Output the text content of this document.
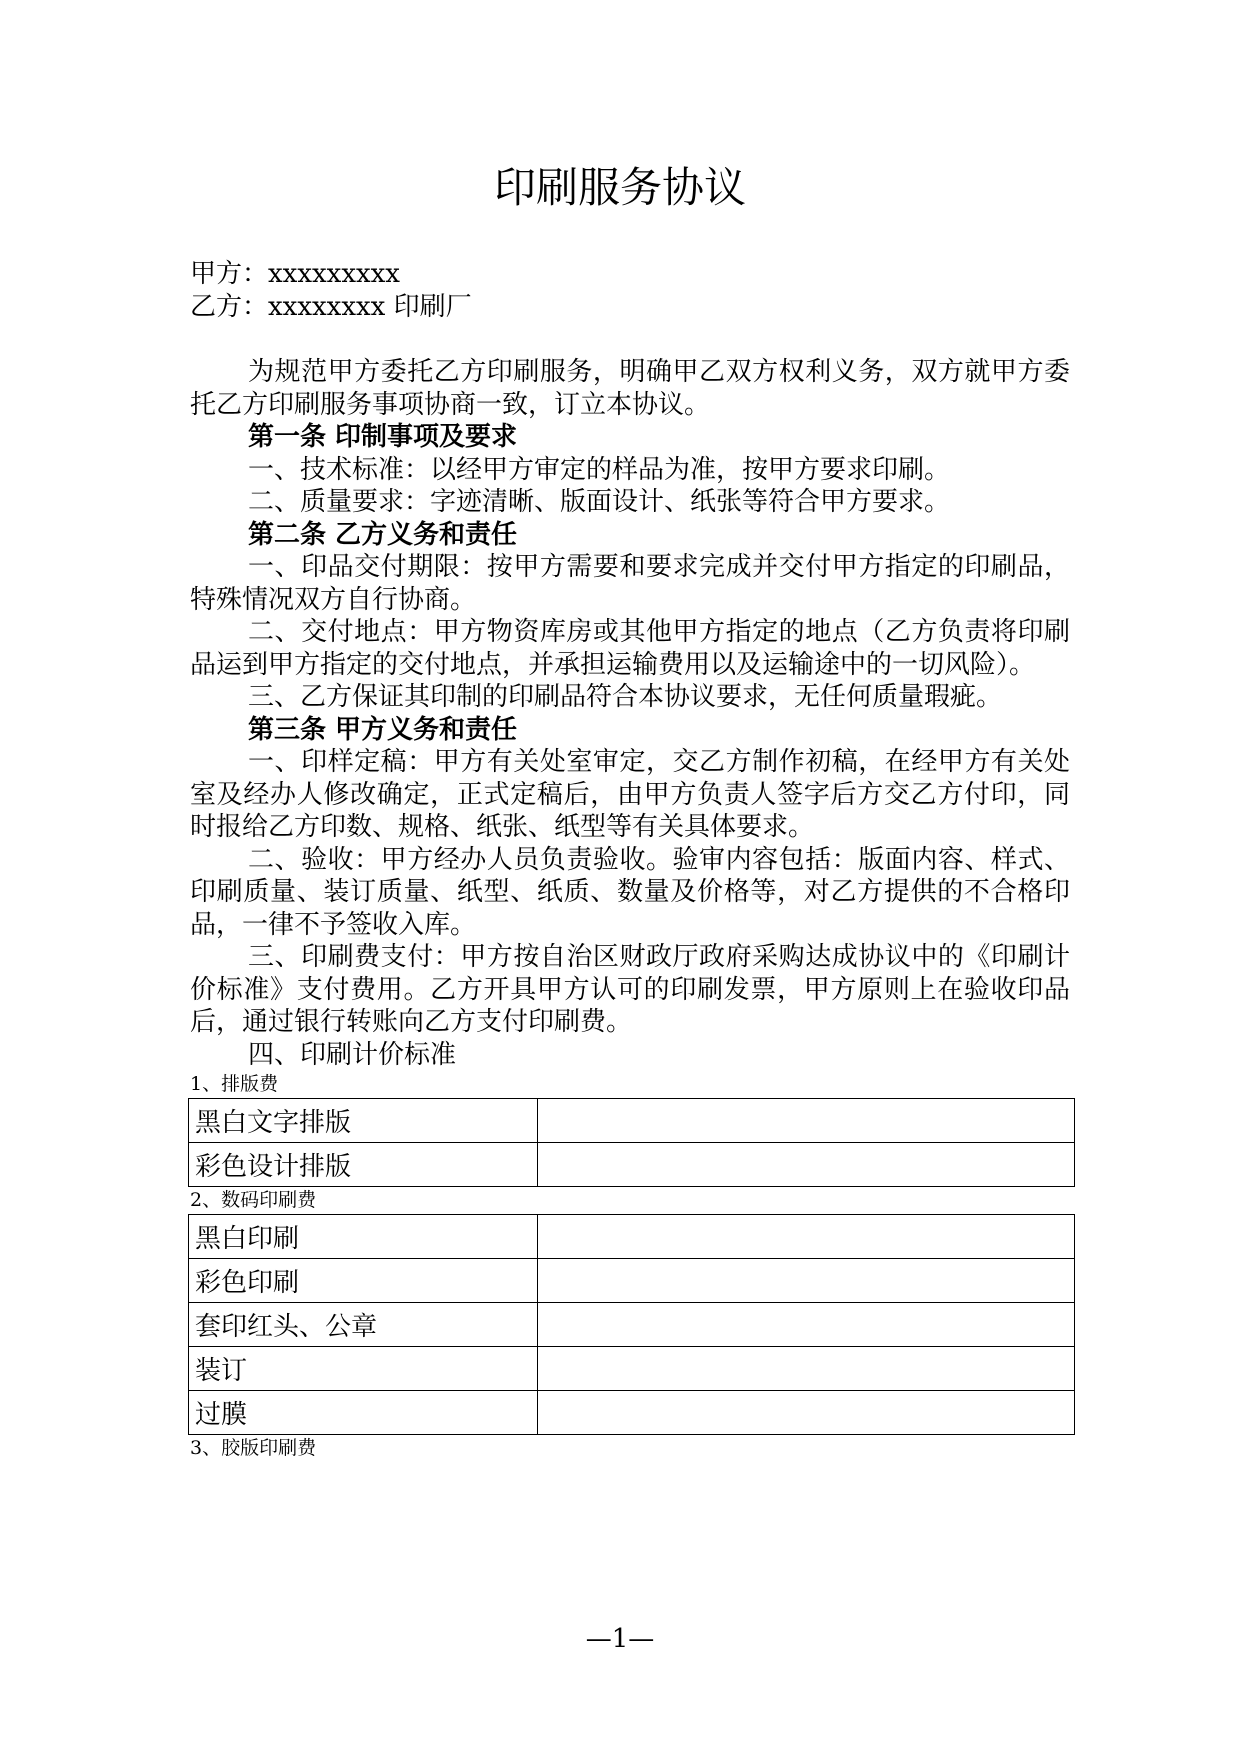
印刷服务协议

甲方：xxxxxxxxx

乙方：xxxxxxxx 印刷厂

为规范甲方委托乙方印刷服务，明确甲乙双方权利义务，双方就甲方委托乙方印刷服务事项协商一致，订立本协议。

第一条 印制事项及要求

一、技术标准：以经甲方审定的样品为准，按甲方要求印刷。

二、质量要求：字迹清晰、版面设计、纸张等符合甲方要求。

第二条 乙方义务和责任

一、印品交付期限：按甲方需要和要求完成并交付甲方指定的印刷品，特殊情况双方自行协商。

二、交付地点：甲方物资库房或其他甲方指定的地点（乙方负责将印刷品运到甲方指定的交付地点，并承担运输费用以及运输途中的一切风险）。

三、乙方保证其印制的印刷品符合本协议要求，无任何质量瑕疵。

第三条 甲方义务和责任

一、印样定稿：甲方有关处室审定，交乙方制作初稿，在经甲方有关处室及经办人修改确定，正式定稿后，由甲方负责人签字后方交乙方付印，同时报给乙方印数、规格、纸张、纸型等有关具体要求。

二、验收：甲方经办人员负责验收。验审内容包括：版面内容、样式、印刷质量、装订质量、纸型、纸质、数量及价格等，对乙方提供的不合格印品，一律不予签收入库。

三、印刷费支付：甲方按自治区财政厅政府采购达成协议中的《印刷计价标准》支付费用。乙方开具甲方认可的印刷发票，甲方原则上在验收印品后，通过银行转账向乙方支付印刷费。

四、印刷计价标准

1、排版费

黑白文字排版	
彩色设计排版	

2、数码印刷费

黑白印刷	
彩色印刷	
套印红头、公章	
装订	
过膜	

3、胶版印刷费

—1—
